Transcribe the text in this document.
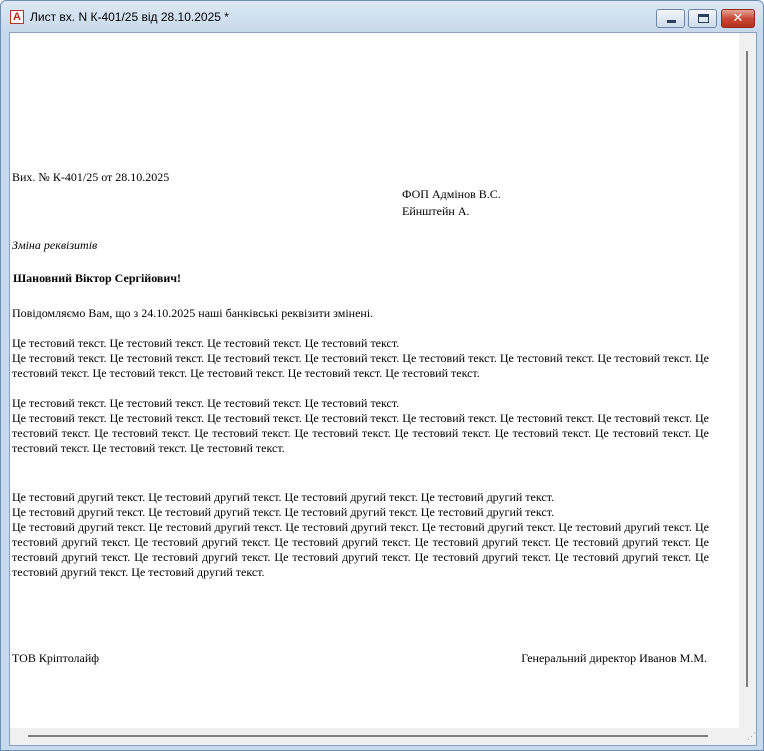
A Лист вх. N К-401/25 від 28.10.2025 *	✕

Вих. № К-401/25 от 28.10.2025

ФОП Адмінов В.С.

Ейнштейн А.

Зміна реквізитів

Шановний Віктор Сергійович!

Повідомляємо Вам, що з 24.10.2025 наші банківські реквізити змінені.

Це тестовий текст. Це тестовий текст. Це тестовий текст. Це тестовий текст.

Це тестовий текст. Це тестовий текст. Це тестовий текст. Це тестовий текст. Це тестовий текст. Це тестовий текст. Це тестовий текст. Це тестовий текст. Це тестовий текст. Це тестовий текст. Це тестовий текст. Це тестовий текст.

Це тестовий текст. Це тестовий текст. Це тестовий текст. Це тестовий текст.

Це тестовий текст. Це тестовий текст. Це тестовий текст. Це тестовий текст. Це тестовий текст. Це тестовий текст. Це тестовий текст. Це тестовий текст. Це тестовий текст. Це тестовий текст. Це тестовий текст. Це тестовий текст. Це тестовий текст. Це тестовий текст. Це тестовий текст. Це тестовий текст. Це тестовий текст.

Це тестовий другий текст. Це тестовий другий текст. Це тестовий другий текст. Це тестовий другий текст.

Це тестовий другий текст. Це тестовий другий текст. Це тестовий другий текст. Це тестовий другий текст.

Це тестовий другий текст. Це тестовий другий текст. Це тестовий другий текст. Це тестовий другий текст. Це тестовий другий текст. Це тестовий другий текст. Це тестовий другий текст. Це тестовий другий текст. Це тестовий другий текст. Це тестовий другий текст. Це тестовий другий текст. Це тестовий другий текст. Це тестовий другий текст. Це тестовий другий текст. Це тестовий другий текст. Це тестовий другий текст. Це тестовий другий текст.

ТОВ Кріптолайф	Генеральний директор Иванов М.М.

⋰
